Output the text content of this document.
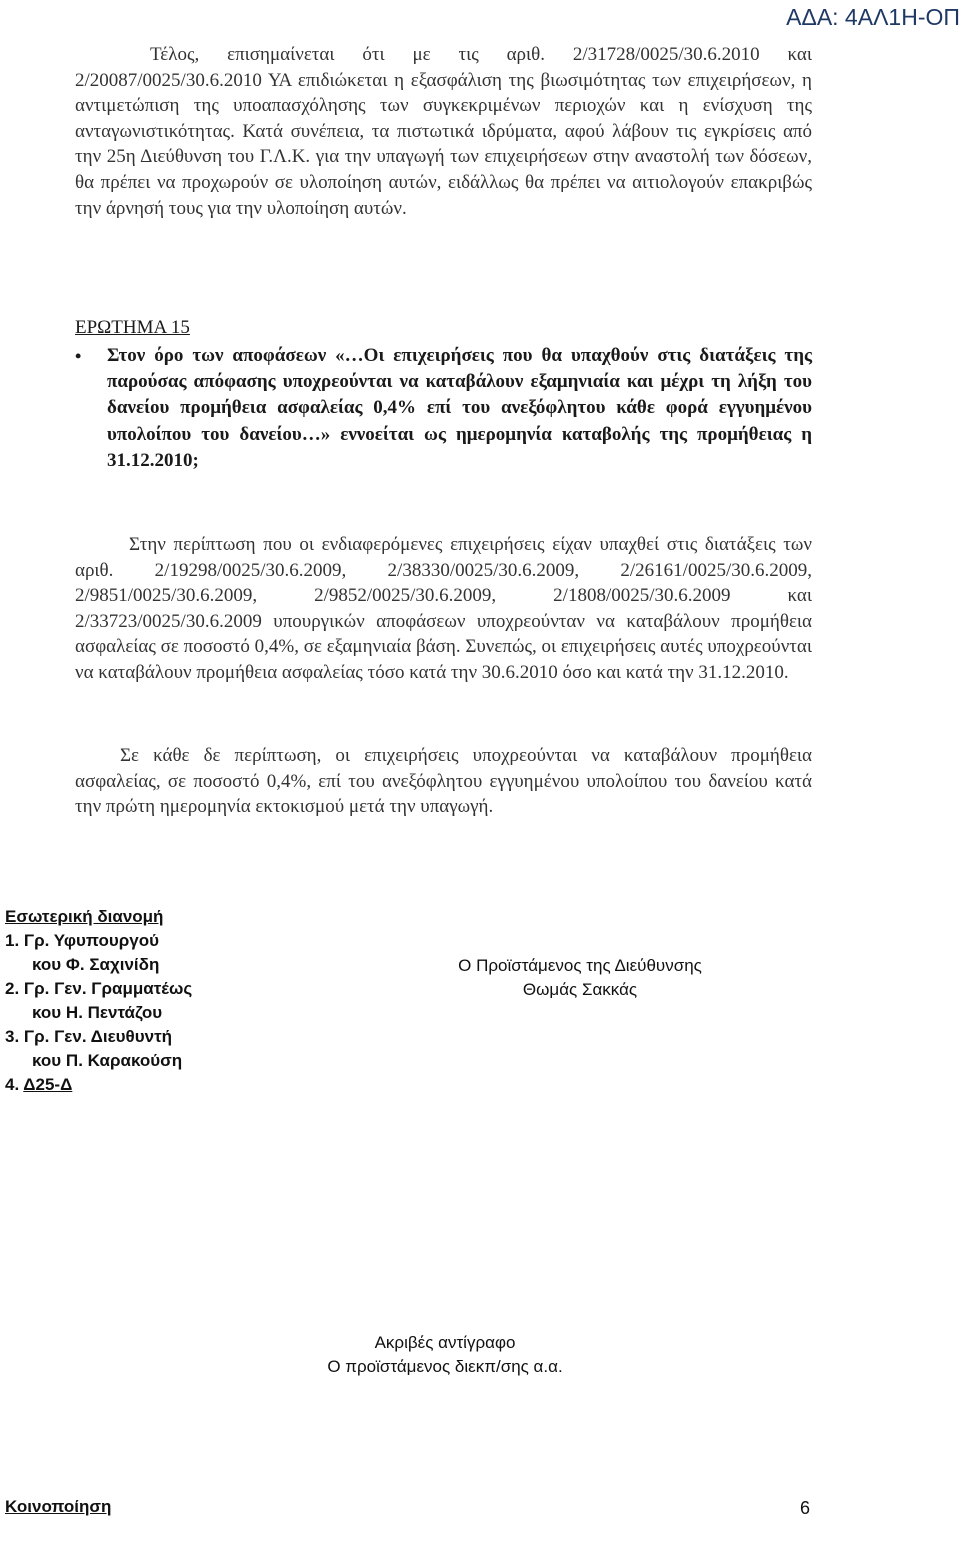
ΑΔΑ: 4ΑΛ1Η-ΟΠ

Τέλος, επισημαίνεται ότι με τις αριθ. 2/31728/0025/30.6.2010 και 2/20087/0025/30.6.2010 ΥΑ επιδιώκεται η εξασφάλιση της βιωσιμότητας των επιχειρήσεων, η αντιμετώπιση της υποαπασχόλησης των συγκεκριμένων περιοχών και η ενίσχυση της ανταγωνιστικότητας. Κατά συνέπεια, τα πιστωτικά ιδρύματα, αφού λάβουν τις εγκρίσεις από την 25η Διεύθυνση του Γ.Λ.Κ. για την υπαγωγή των επιχειρήσεων στην αναστολή των δόσεων, θα πρέπει να προχωρούν σε υλοποίηση αυτών, ειδάλλως θα πρέπει να αιτιολογούν επακριβώς την άρνησή τους για την υλοποίηση αυτών.

ΕΡΩΤΗΜΑ 15

•	Στον όρο των αποφάσεων «…Οι επιχειρήσεις που θα υπαχθούν στις διατάξεις της παρούσας απόφασης υποχρεούνται να καταβάλουν εξαμηνιαία και μέχρι τη λήξη του δανείου προμήθεια ασφαλείας 0,4% επί του ανεξόφλητου κάθε φορά εγγυημένου υπολοίπου του δανείου…» εννοείται ως ημερομηνία καταβολής της προμήθειας η 31.12.2010;

Στην περίπτωση που οι ενδιαφερόμενες επιχειρήσεις είχαν υπαχθεί στις διατάξεις των αριθ. 2/19298/0025/30.6.2009, 2/38330/0025/30.6.2009, 2/26161/0025/30.6.2009, 2/9851/0025/30.6.2009, 2/9852/0025/30.6.2009, 2/1808/0025/30.6.2009 και 2/33723/0025/30.6.2009 υπουργικών αποφάσεων υποχρεούνταν να καταβάλουν προμήθεια ασφαλείας σε ποσοστό 0,4%, σε εξαμηνιαία βάση. Συνεπώς, οι επιχειρήσεις αυτές υποχρεούνται να καταβάλουν προμήθεια ασφαλείας τόσο κατά την 30.6.2010 όσο και κατά την 31.12.2010.

Σε κάθε δε περίπτωση, οι επιχειρήσεις υποχρεούνται να καταβάλουν προμήθεια ασφαλείας, σε ποσοστό 0,4%, επί του ανεξόφλητου εγγυημένου υπολοίπου του δανείου κατά την πρώτη ημερομηνία εκτοκισμού μετά την υπαγωγή.

Εσωτερική διανομή

1. Γρ. Υφυπουργού

κου Φ. Σαχινίδη

2. Γρ. Γεν. Γραμματέως

κου Η. Πεντάζου

3. Γρ. Γεν. Διευθυντή

κου Π. Καρακούση

4. Δ25-Δ

Ο Προϊστάμενος της Διεύθυνσης

Θωμάς Σακκάς

Ακριβές αντίγραφο

Ο προϊστάμενος διεκπ/σης α.α.

Κοινοποίηση	6
